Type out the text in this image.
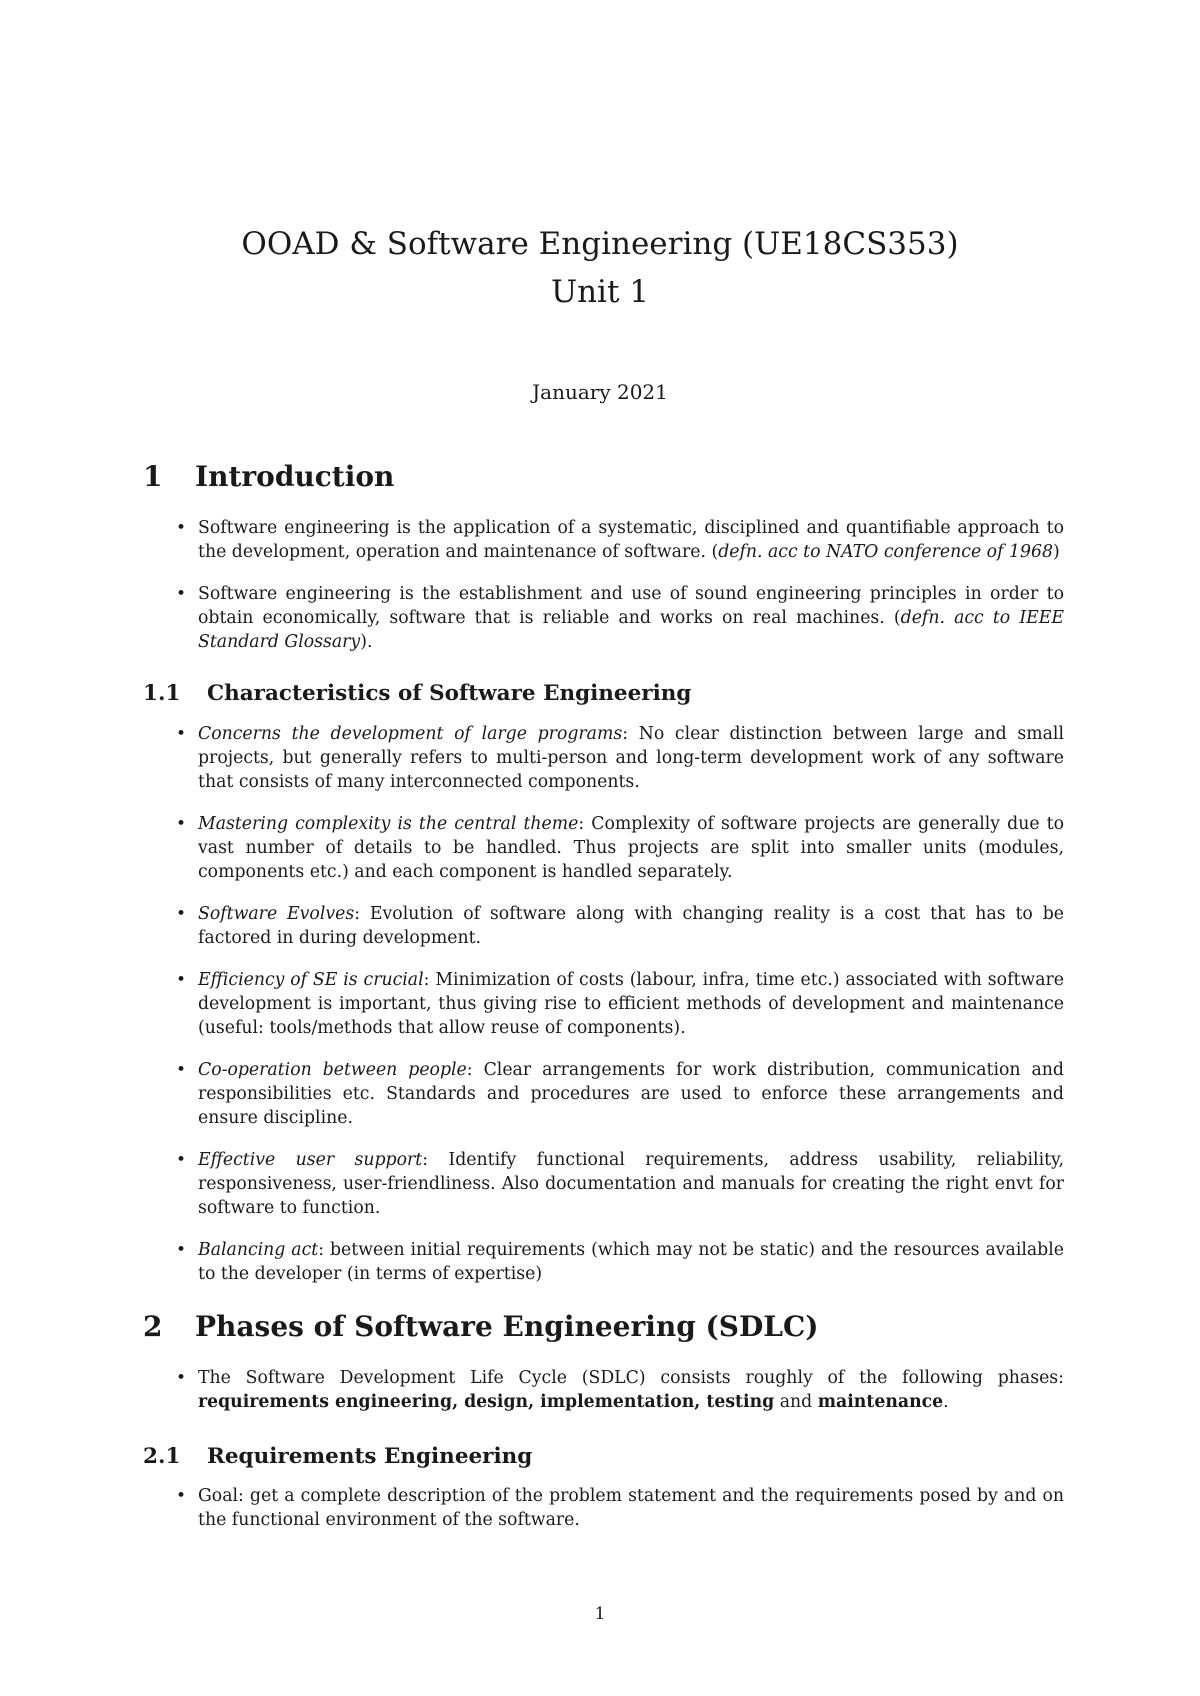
OOAD & Software Engineering (UE18CS353)
Unit 1
January 2021
1 Introduction
• Software engineering is the application of a systematic, disciplined and quantifiable approach to the development, operation and maintenance of software. (defn. acc to NATO conference of 1968)
• Software engineering is the establishment and use of sound engineering principles in order to obtain economically, software that is reliable and works on real machines. (defn. acc to IEEE Standard Glossary).
1.1 Characteristics of Software Engineering
• Concerns the development of large programs: No clear distinction between large and small projects, but generally refers to multi-person and long-term development work of any software that consists of many interconnected components.
• Mastering complexity is the central theme: Complexity of software projects are generally due to vast number of details to be handled. Thus projects are split into smaller units (modules, components etc.) and each component is handled separately.
• Software Evolves: Evolution of software along with changing reality is a cost that has to be factored in during development.
• Efficiency of SE is crucial: Minimization of costs (labour, infra, time etc.) associated with software development is important, thus giving rise to efficient methods of development and maintenance (useful: tools/methods that allow reuse of components).
• Co-operation between people: Clear arrangements for work distribution, communication and responsibilities etc. Standards and procedures are used to enforce these arrangements and ensure discipline.
• Effective user support: Identify functional requirements, address usability, reliability, responsiveness, user-friendliness. Also documentation and manuals for creating the right envt for software to function.
• Balancing act: between initial requirements (which may not be static) and the resources available to the developer (in terms of expertise)
2 Phases of Software Engineering (SDLC)
• The Software Development Life Cycle (SDLC) consists roughly of the following phases: requirements engineering, design, implementation, testing and maintenance.
2.1 Requirements Engineering
• Goal: get a complete description of the problem statement and the requirements posed by and on the functional environment of the software.
1
